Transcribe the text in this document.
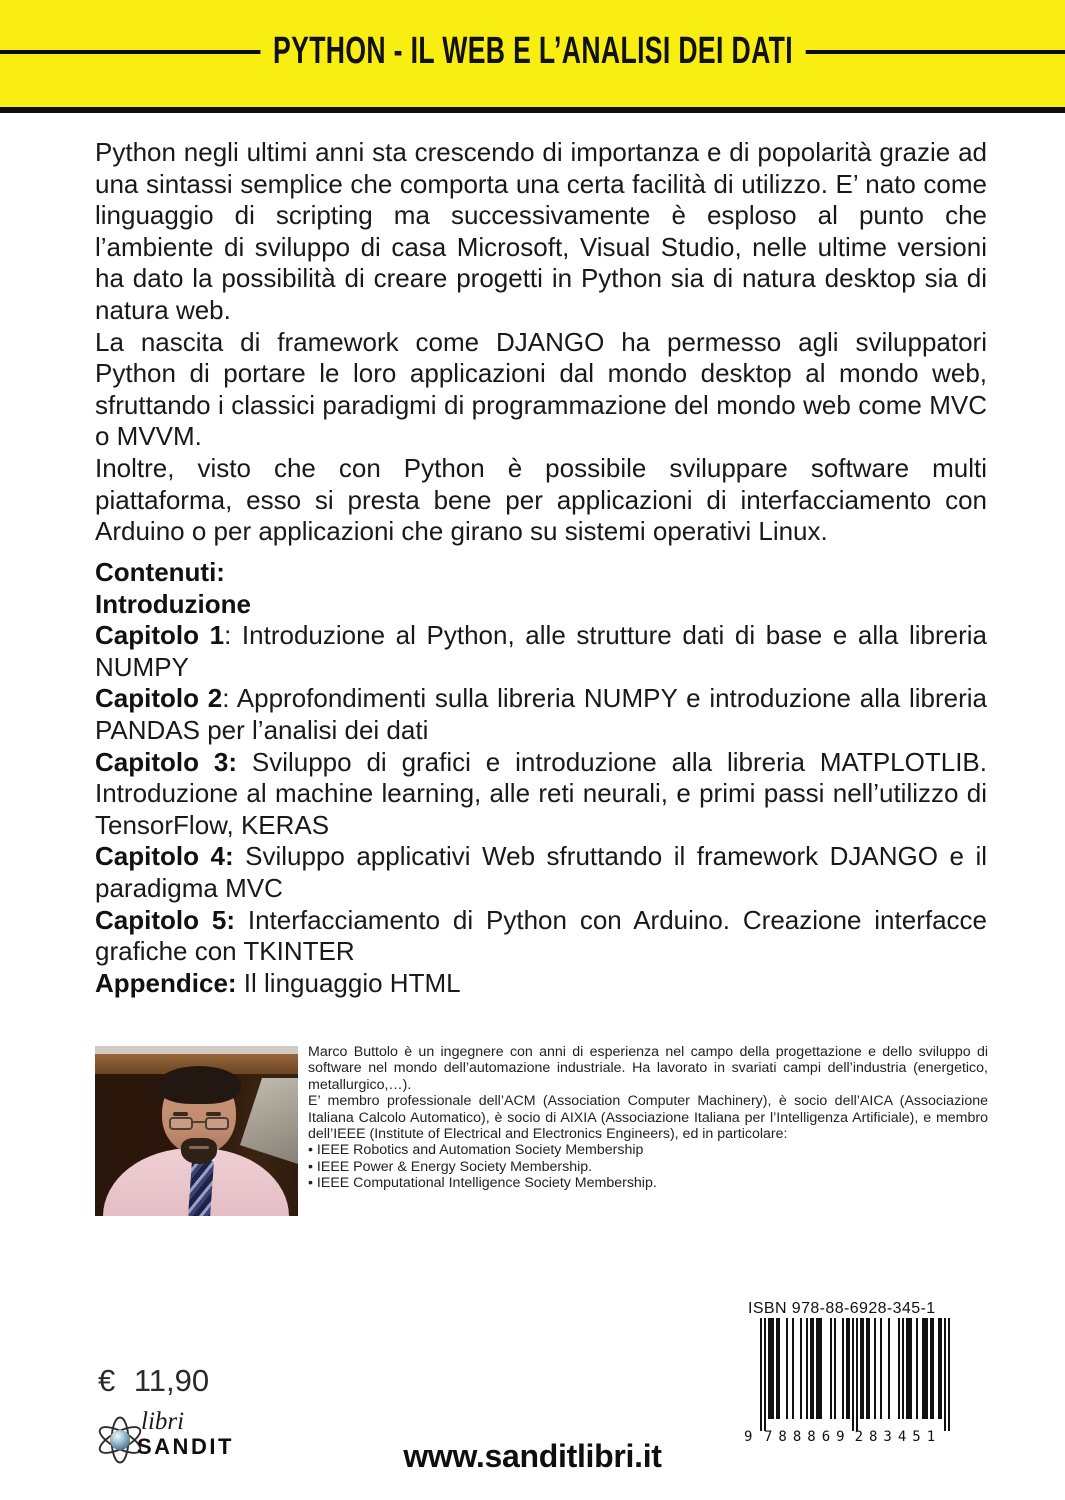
PYTHON - IL WEB E L’ANALISI DEI DATI

Python negli ultimi anni sta crescendo di importanza e di popolarità grazie ad una sintassi semplice che comporta una certa facilità di utilizzo. E’ nato come linguaggio di scripting ma successivamente è esploso al punto che l’ambiente di sviluppo di casa Microsoft, Visual Studio, nelle ultime versioni ha dato la possibilità di creare progetti in Python sia di natura desktop sia di natura web.

La nascita di framework come DJANGO ha permesso agli sviluppatori Python di portare le loro applicazioni dal mondo desktop al mondo web, sfruttando i classici paradigmi di programmazione del mondo web come MVC o MVVM.

Inoltre, visto che con Python è possibile sviluppare software multi piattaforma, esso si presta bene per applicazioni di interfacciamento con Arduino o per applicazioni che girano su sistemi operativi Linux.

Contenuti:

Introduzione

Capitolo 1: Introduzione al Python, alle strutture dati di base e alla libreria NUMPY

Capitolo 2: Approfondimenti sulla libreria NUMPY e introduzione alla libreria PANDAS per l’analisi dei dati

Capitolo 3: Sviluppo di grafici e introduzione alla libreria MATPLOTLIB. Introduzione al machine learning, alle reti neurali, e primi passi nell’utilizzo di TensorFlow, KERAS

Capitolo 4: Sviluppo applicativi Web sfruttando il framework DJANGO e il paradigma MVC

Capitolo 5: Interfacciamento di Python con Arduino. Creazione interfacce grafiche con TKINTER

Appendice: Il linguaggio HTML

Marco Buttolo è un ingegnere con anni di esperienza nel campo della progettazione e dello sviluppo di software nel mondo dell’automazione industriale. Ha lavorato in svariati campi dell’industria (energetico, metallurgico,…).

E’ membro professionale dell’ACM (Association Computer Machinery), è socio dell’AICA (Associazione Italiana Calcolo Automatico), è socio di AIXIA (Associazione Italiana per l’Intelligenza Artificiale), e membro dell’IEEE (Institute of Electrical and Electronics Engineers), ed in particolare:

• IEEE Robotics and Automation Society Membership

• IEEE Power & Energy Society Membership.

• IEEE Computational Intelligence Society Membership.

ISBN 978-88-6928-345-1
9 788869 283451
€ 11,90
libri
SANDIT	www.sanditlibri.it
